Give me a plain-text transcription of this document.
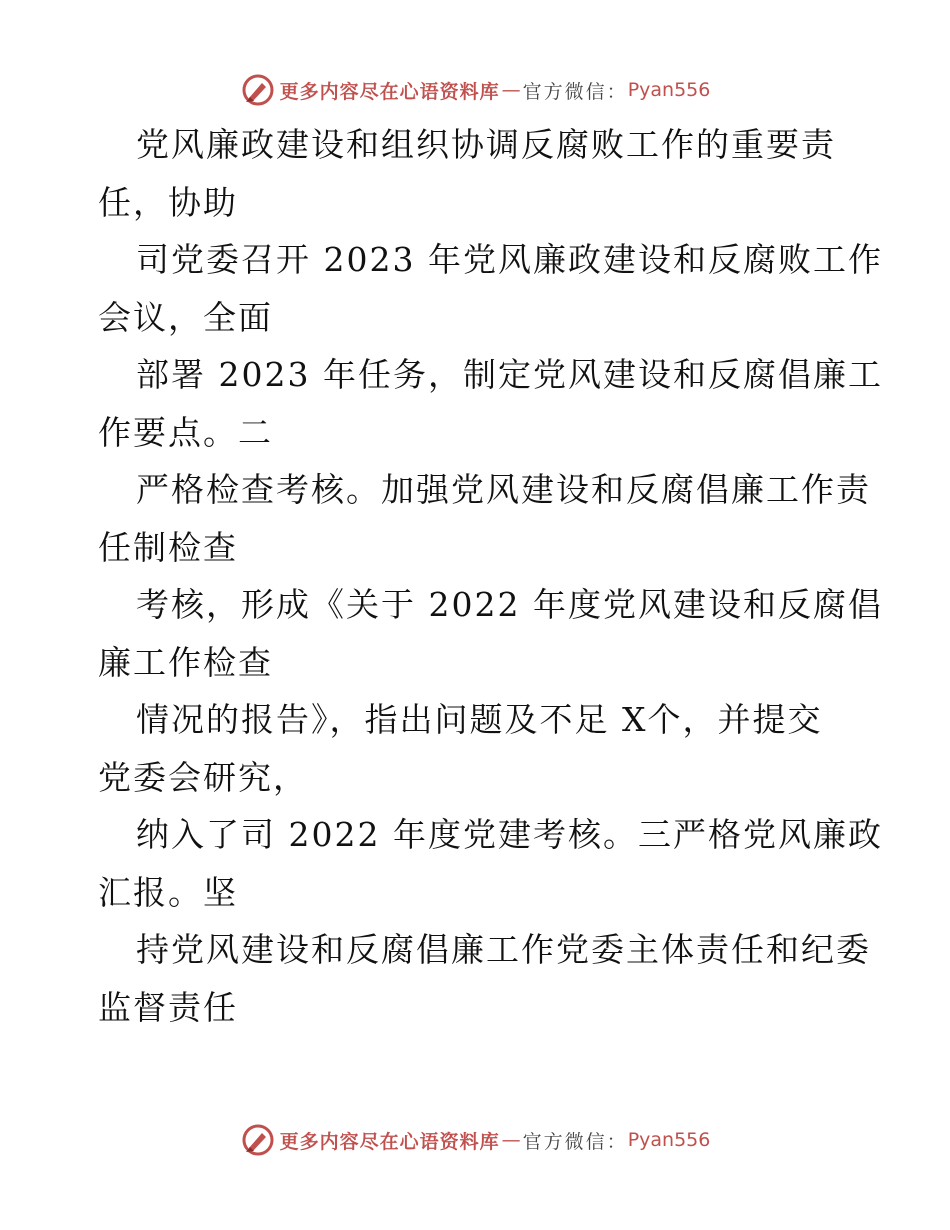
更多内容尽在心语资料库 — 官方微信： Pyan556
党风廉政建设和组织协调反腐败工作的重要责
任，协助
司党委召开 2023 年党风廉政建设和反腐败工作
会议，全面
部署 2023 年任务，制定党风建设和反腐倡廉工
作要点。二
严格检查考核。加强党风建设和反腐倡廉工作责
任制检查
考核，形成《关于 2022 年度党风建设和反腐倡
廉工作检查
情况的报告》，指出问题及不足 X个，并提交
党委会研究，
纳入了司 2022 年度党建考核。三严格党风廉政
汇报。坚
持党风建设和反腐倡廉工作党委主体责任和纪委
监督责任
更多内容尽在心语资料库 — 官方微信： Pyan556
